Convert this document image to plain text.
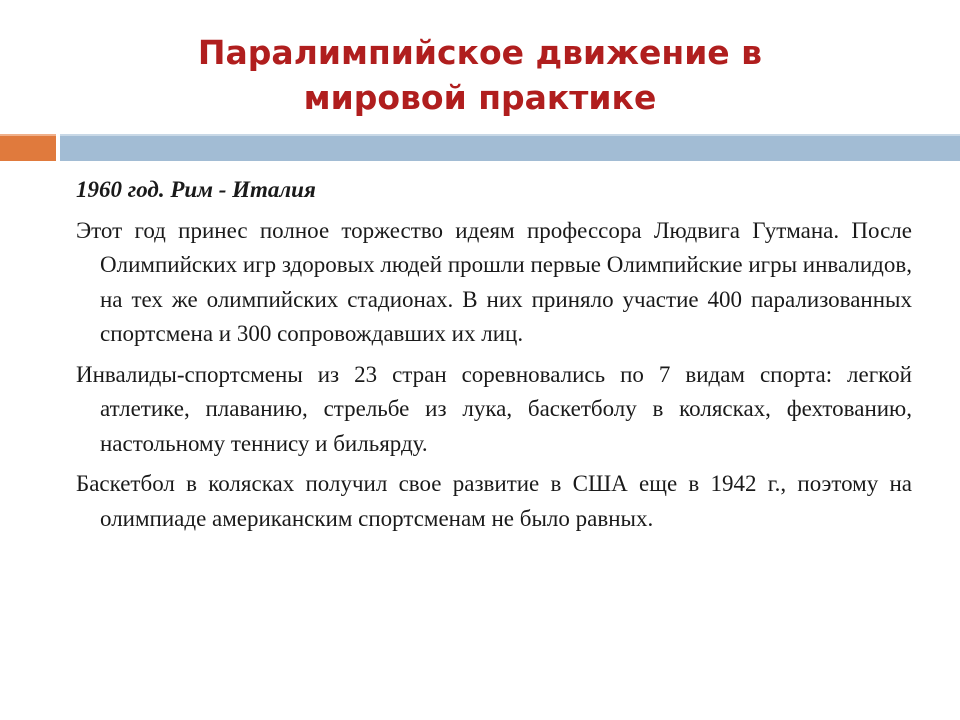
Паралимпийское движение в
мировой практике

1960 год. Рим - Италия

Этот год принес полное торжество идеям профессора Людвига Гутмана. После Олимпийских игр здоровых людей прошли первые Олимпийские игры инвалидов, на тех же олимпийских стадионах. В них приняло участие 400 парализованных спортсмена и 300 сопровождавших их лиц.

Инвалиды-спортсмены из 23 стран соревновались по 7 видам спорта: легкой атлетике, плаванию, стрельбе из лука, баскетболу в колясках, фехтованию, настольному теннису и бильярду.

Баскетбол в колясках получил свое развитие в США еще в 1942 г., поэтому на олимпиаде американским спортсменам не было равных.
